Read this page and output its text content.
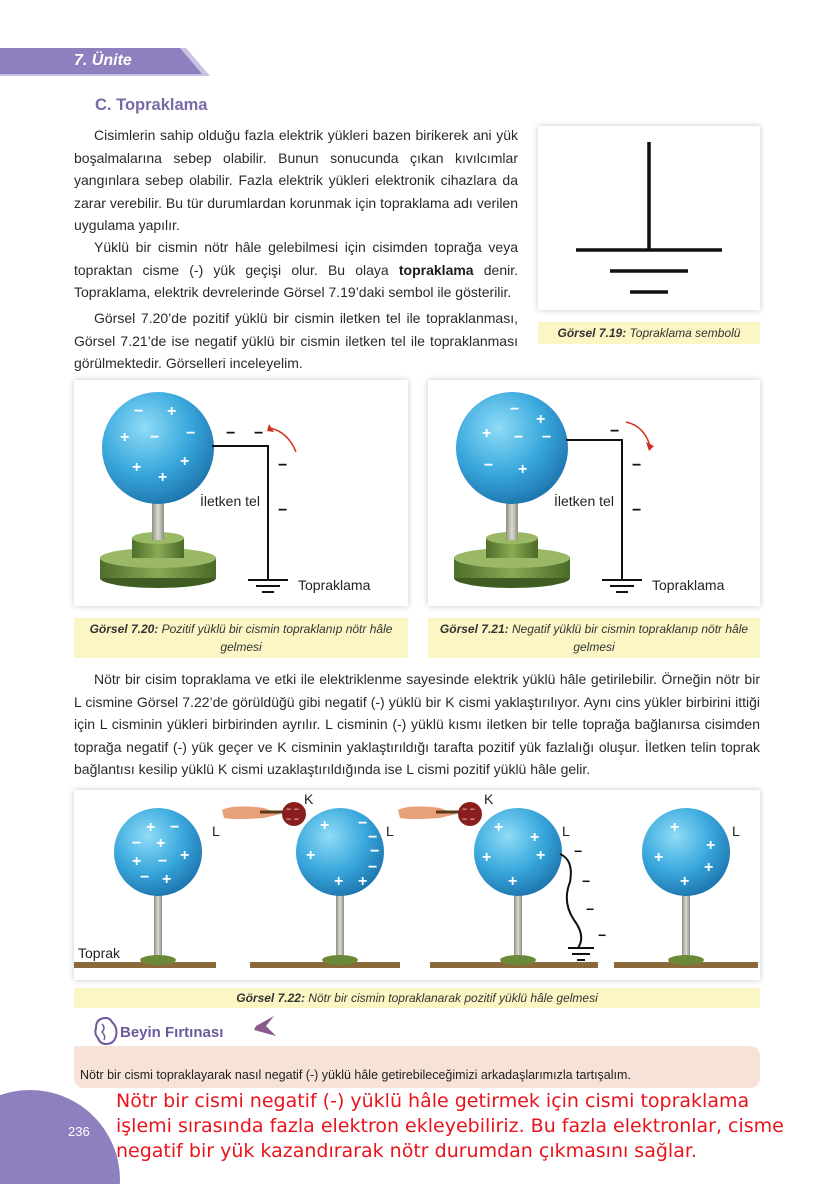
7. Ünite
C. Topraklama
Cisimlerin sahip olduğu fazla elektrik yükleri bazen birikerek ani yük boşalmalarına sebep olabilir. Bunun sonucunda çıkan kıvılcımlar yangınlara sebep olabilir. Fazla elektrik yükleri elektronik cihazlara da zarar verebilir. Bu tür durumlardan korunmak için topraklama adı verilen uygulama yapılır.
Yüklü bir cismin nötr hâle gelebilmesi için cisimden toprağa veya topraktan cisme (-) yük geçişi olur. Bu olaya topraklama denir. Topraklama, elektrik devrelerinde Görsel 7.19’daki sembol ile gösterilir.
Görsel 7.20’de pozitif yüklü bir cismin iletken tel ile topraklanması, Görsel 7.21’de ise negatif yüklü bir cismin iletken tel ile topraklanması görülmektedir. Görselleri inceleyelim.
Görsel 7.19: Topraklama sembolü
− +
+ − −
+
+
+
− −
−
−
İletken tel
Topraklama
Görsel 7.20: Pozitif yüklü bir cismin topraklanıp nötr hâle gelmesi
−
+
+ − −
− +
−
−
−
İletken tel
Topraklama
Görsel 7.21: Negatif yüklü bir cismin topraklanıp nötr hâle gelmesi
Nötr bir cisim topraklama ve etki ile elektriklenme sayesinde elektrik yüklü hâle getirilebilir. Örneğin nötr bir L cismine Görsel 7.22’de görüldüğü gibi negatif (-) yüklü bir K cismi yaklaştırılıyor. Aynı cins yükler birbirini ittiği için L cisminin yükleri birbirinden ayrılır. L cisminin (-) yüklü kısmı iletken bir telle toprağa bağlanırsa cisimden toprağa negatif (-) yük geçer ve K cisminin yaklaştırıldığı tarafta pozitif yük fazlalığı oluşur. İletken telin toprak bağlantısı kesilip yüklü K cismi uzaklaştırıldığında ise L cismi pozitif yüklü hâle gelir.
+ −
− +
+ − +
− +
L
Toprak
− −
− −
K
+ −
−
+	−
−
+ +
L
− −
− −
K
+
+
+	+
+
−
−
−
−
L	+
+
+
+
+
L
Görsel 7.22: Nötr bir cismin topraklanarak pozitif yüklü hâle gelmesi
Beyin Fırtınası
Nötr bir cismi topraklayarak nasıl negatif (-) yüklü hâle getirebileceğimizi arkadaşlarımızla tartışalım.
Nötr bir cismi negatif (-) yüklü hâle getirmek için cismi topraklama işlemi sırasında fazla elektron ekleyebiliriz. Bu fazla elektronlar, cisme negatif bir yük kazandırarak nötr durumdan çıkmasını sağlar.
236
